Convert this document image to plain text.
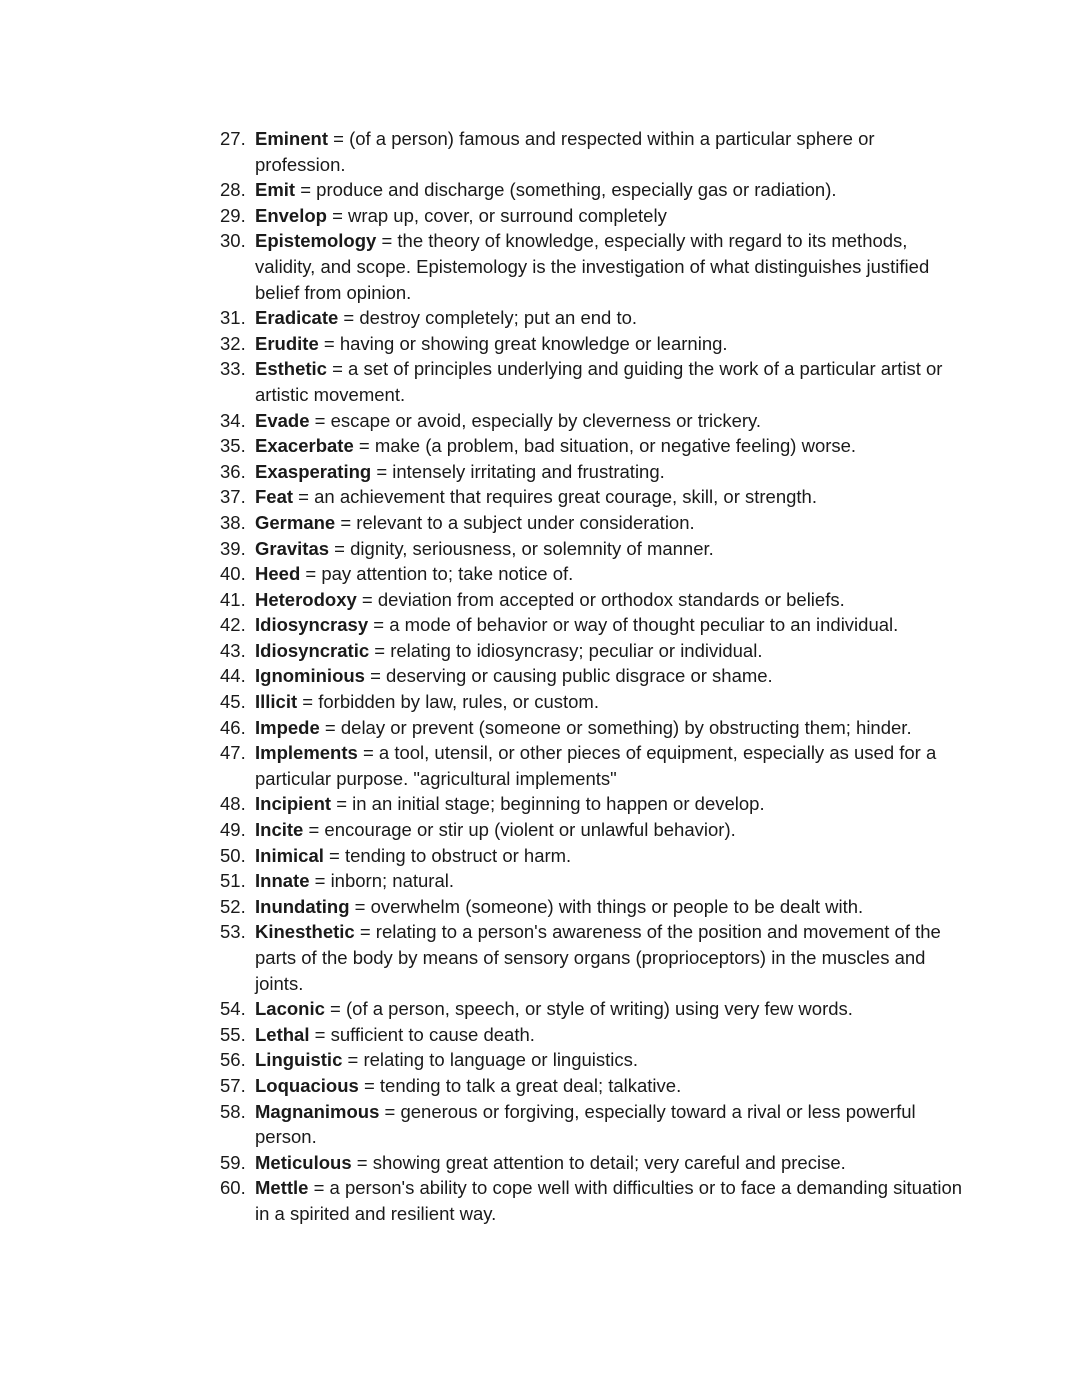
27. Eminent = (of a person) famous and respected within a particular sphere or profession.
28. Emit = produce and discharge (something, especially gas or radiation).
29. Envelop = wrap up, cover, or surround completely
30. Epistemology = the theory of knowledge, especially with regard to its methods, validity, and scope. Epistemology is the investigation of what distinguishes justified belief from opinion.
31. Eradicate = destroy completely; put an end to.
32. Erudite = having or showing great knowledge or learning.
33. Esthetic = a set of principles underlying and guiding the work of a particular artist or artistic movement.
34. Evade = escape or avoid, especially by cleverness or trickery.
35. Exacerbate = make (a problem, bad situation, or negative feeling) worse.
36. Exasperating = intensely irritating and frustrating.
37. Feat = an achievement that requires great courage, skill, or strength.
38. Germane = relevant to a subject under consideration.
39. Gravitas = dignity, seriousness, or solemnity of manner.
40. Heed = pay attention to; take notice of.
41. Heterodoxy = deviation from accepted or orthodox standards or beliefs.
42. Idiosyncrasy = a mode of behavior or way of thought peculiar to an individual.
43. Idiosyncratic = relating to idiosyncrasy; peculiar or individual.
44. Ignominious = deserving or causing public disgrace or shame.
45. Illicit = forbidden by law, rules, or custom.
46. Impede = delay or prevent (someone or something) by obstructing them; hinder.
47. Implements = a tool, utensil, or other pieces of equipment, especially as used for a particular purpose. "agricultural implements"
48. Incipient = in an initial stage; beginning to happen or develop.
49. Incite = encourage or stir up (violent or unlawful behavior).
50. Inimical = tending to obstruct or harm.
51. Innate = inborn; natural.
52. Inundating = overwhelm (someone) with things or people to be dealt with.
53. Kinesthetic = relating to a person's awareness of the position and movement of the parts of the body by means of sensory organs (proprioceptors) in the muscles and joints.
54. Laconic = (of a person, speech, or style of writing) using very few words.
55. Lethal = sufficient to cause death.
56. Linguistic = relating to language or linguistics.
57. Loquacious = tending to talk a great deal; talkative.
58. Magnanimous = generous or forgiving, especially toward a rival or less powerful person.
59. Meticulous = showing great attention to detail; very careful and precise.
60. Mettle = a person's ability to cope well with difficulties or to face a demanding situation in a spirited and resilient way.
